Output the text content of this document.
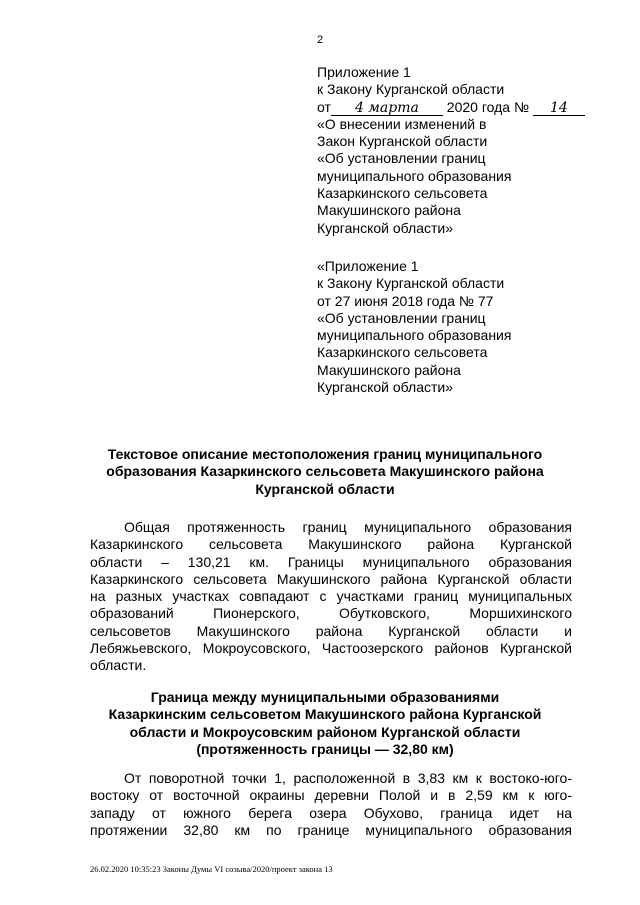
2
Приложение 1
к Закону Курганской области
от 4 марта 2020 года № 14
«О внесении изменений в
Закон Курганской области
«Об установлении границ
муниципального образования
Казаркинского сельсовета
Макушинского района
Курганской области»
«Приложение 1
к Закону Курганской области
от 27 июня 2018 года № 77
«Об установлении границ
муниципального образования
Казаркинского сельсовета
Макушинского района
Курганской области»
Текстовое описание местоположения границ муниципального
образования Казаркинского сельсовета Макушинского района
Курганской области
Общая протяженность границ муниципального образования
Казаркинского сельсовета Макушинского района Курганской
области – 130,21 км. Границы муниципального образования
Казаркинского сельсовета Макушинского района Курганской области
на разных участках совпадают с участками границ муниципальных
образований Пионерского, Обутковского, Моршихинского
сельсоветов Макушинского района Курганской области и
Лебяжьевского, Мокроусовского, Частоозерского районов Курганской
области.
Граница между муниципальными образованиями
Казаркинским сельсоветом Макушинского района Курганской
области и Мокроусовским районом Курганской области
(протяженность границы — 32,80 км)
От поворотной точки 1, расположенной в 3,83 км к востоко-юго-
востоку от восточной окраины деревни Полой и в 2,59 км к юго-
западу от южного берега озера Обухово, граница идет на
протяжении 32,80 км по границе муниципального образования
26.02.2020 10:35:23 Законы Думы VI созыва/2020/проект закона 13
